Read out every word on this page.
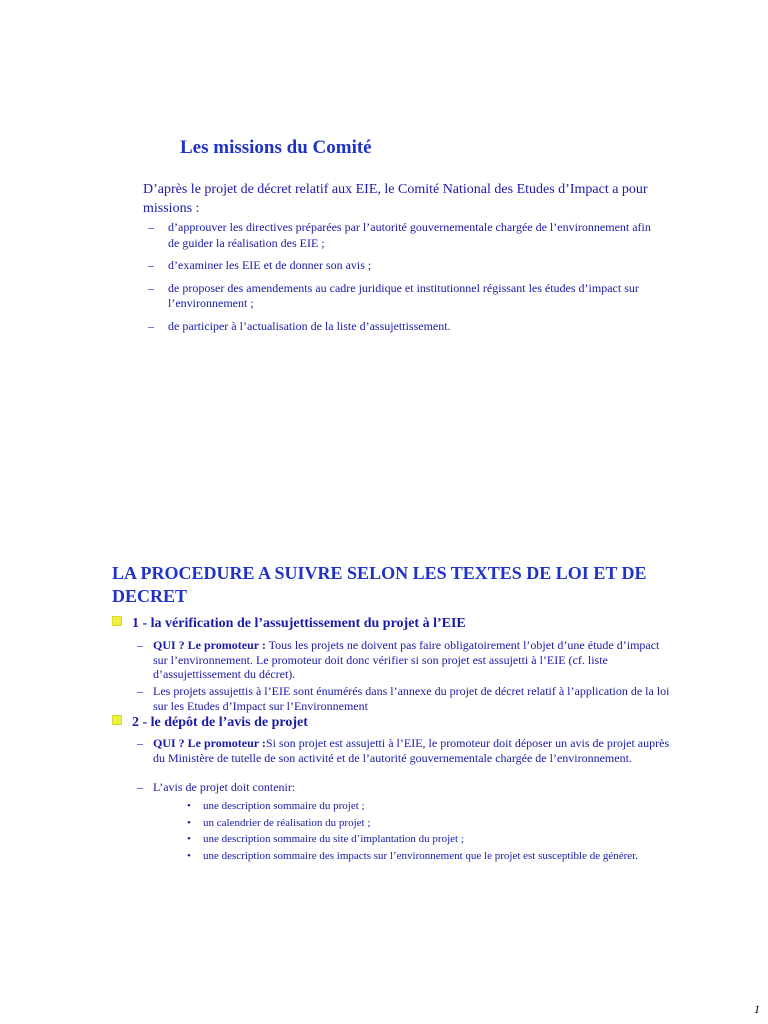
Les missions du Comité
D’après le projet de décret relatif aux EIE, le Comité National des Etudes d’Impact a pour missions :
– d’approuver les directives préparées par l’autorité gouvernementale chargée de l’environnement afin de guider la réalisation des EIE ;
– d’examiner les EIE et de donner son avis ;
– de proposer des amendements au cadre juridique et institutionnel régissant les études d’impact sur l’environnement ;
– de participer à l’actualisation de la liste d’assujettissement.
LA PROCEDURE A SUIVRE SELON LES TEXTES DE LOI ET DE DECRET
1 - la vérification de l’assujettissement du projet à l’EIE
– QUI ? Le promoteur : Tous les projets ne doivent pas faire obligatoirement l’objet d’une étude d’impact sur l’environnement. Le promoteur doit donc vérifier si son projet est assujetti à l’EIE (cf. liste d’assujettissement du décret).
– Les projets assujettis à l’EIE sont énumérés dans l’annexe du projet de décret relatif à l’application de la loi sur les Etudes d’Impact sur l’Environnement
2 - le dépôt de l’avis de projet
– QUI ? Le promoteur :Si son projet est assujetti à l’EIE, le promoteur doit déposer un avis de projet auprès du Ministère de tutelle de son activité et de l’autorité gouvernementale chargée de l’environnement.
– L’avis de projet doit contenir:
• une description sommaire du projet ;
• un calendrier de réalisation du projet ;
• une description sommaire du site d’implantation du projet ;
• une description sommaire des impacts sur l’environnement que le projet est susceptible de générer.
1
